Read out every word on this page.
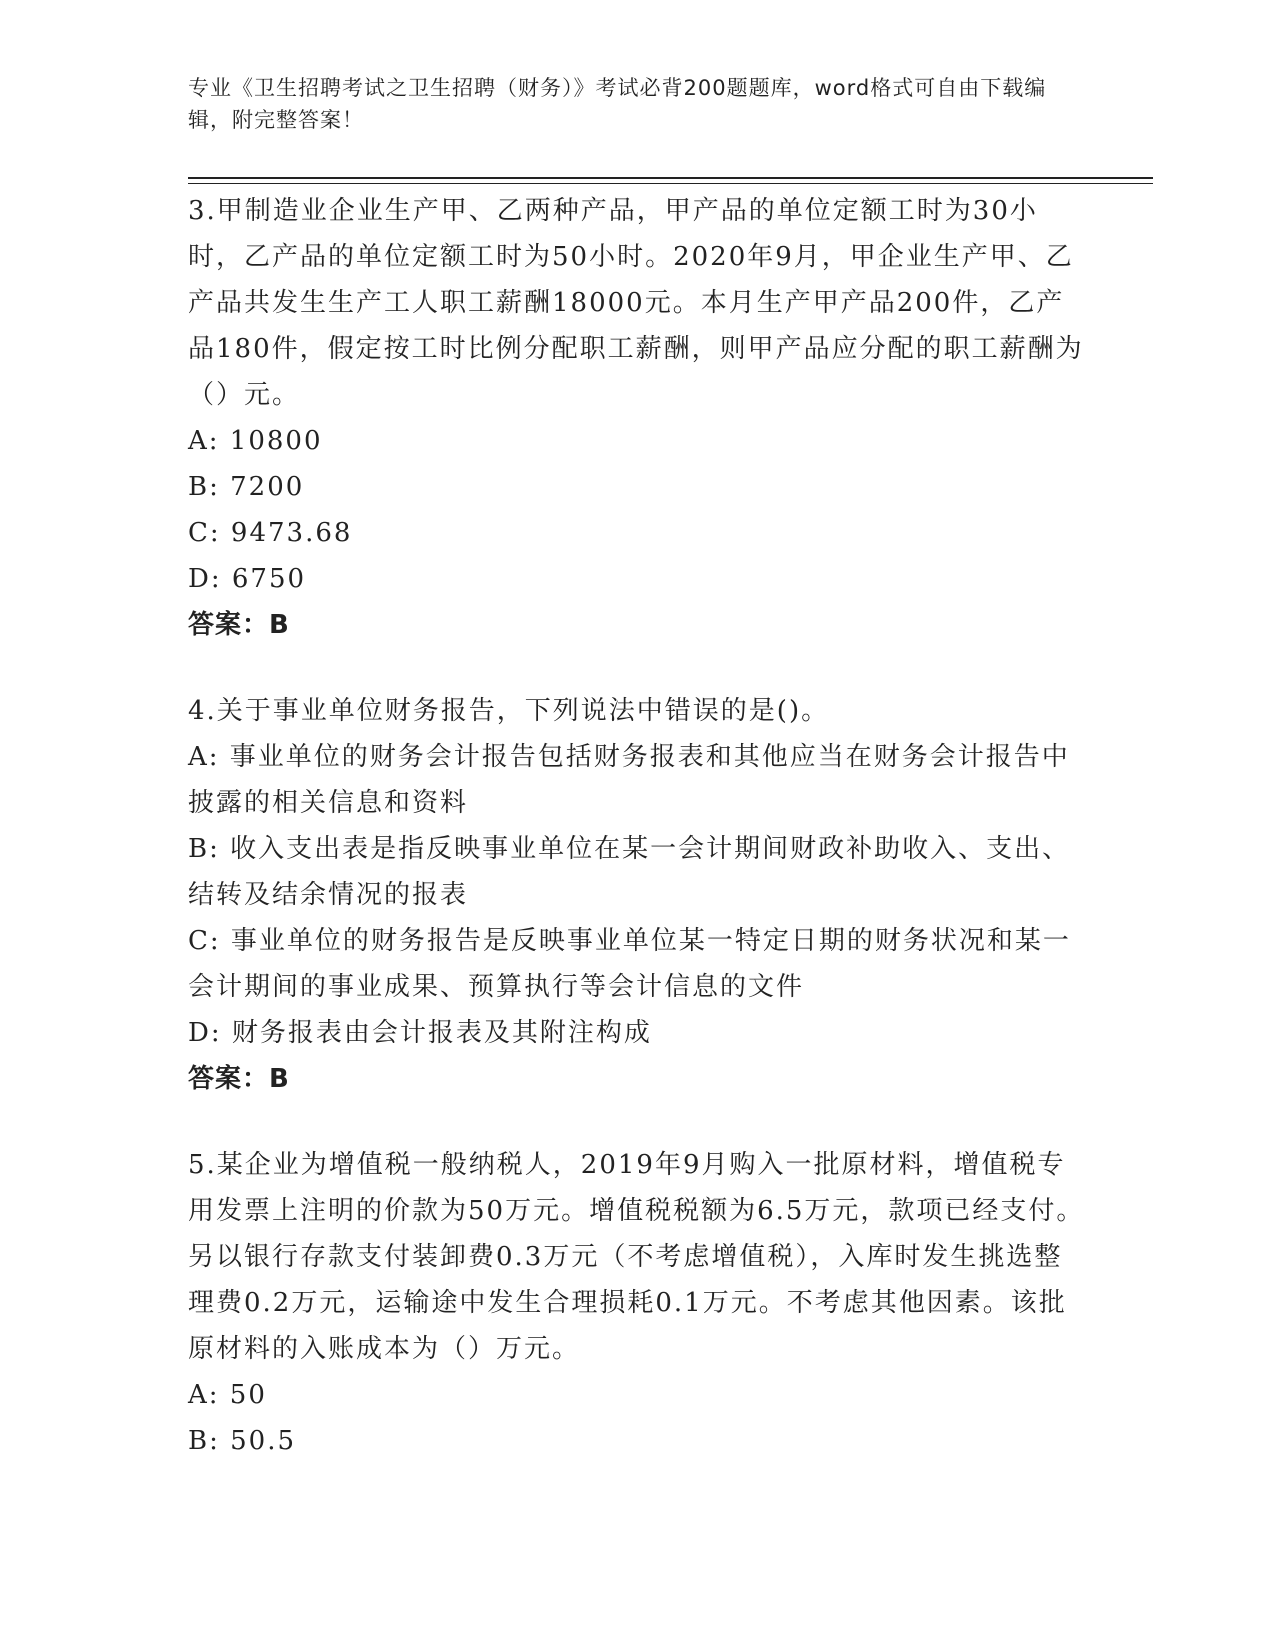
专业《卫生招聘考试之卫生招聘（财务）》考试必背200题题库，word格式可自由下载编辑，附完整答案！

3.甲制造业企业生产甲、乙两种产品，甲产品的单位定额工时为30小时，乙产品的单位定额工时为50小时。2020年9月，甲企业生产甲、乙产品共发生生产工人职工薪酬18000元。本月生产甲产品200件，乙产品180件，假定按工时比例分配职工薪酬，则甲产品应分配的职工薪酬为（）元。

A: 10800

B: 7200

C: 9473.68

D: 6750

答案：B

4.关于事业单位财务报告，下列说法中错误的是()。

A: 事业单位的财务会计报告包括财务报表和其他应当在财务会计报告中披露的相关信息和资料

B: 收入支出表是指反映事业单位在某一会计期间财政补助收入、支出、结转及结余情况的报表

C: 事业单位的财务报告是反映事业单位某一特定日期的财务状况和某一会计期间的事业成果、预算执行等会计信息的文件

D: 财务报表由会计报表及其附注构成

答案：B

5.某企业为增值税一般纳税人，2019年9月购入一批原材料，增值税专用发票上注明的价款为50万元。增值税税额为6.5万元，款项已经支付。另以银行存款支付装卸费0.3万元（不考虑增值税），入库时发生挑选整理费0.2万元，运输途中发生合理损耗0.1万元。不考虑其他因素。该批原材料的入账成本为（）万元。

A: 50

B: 50.5
